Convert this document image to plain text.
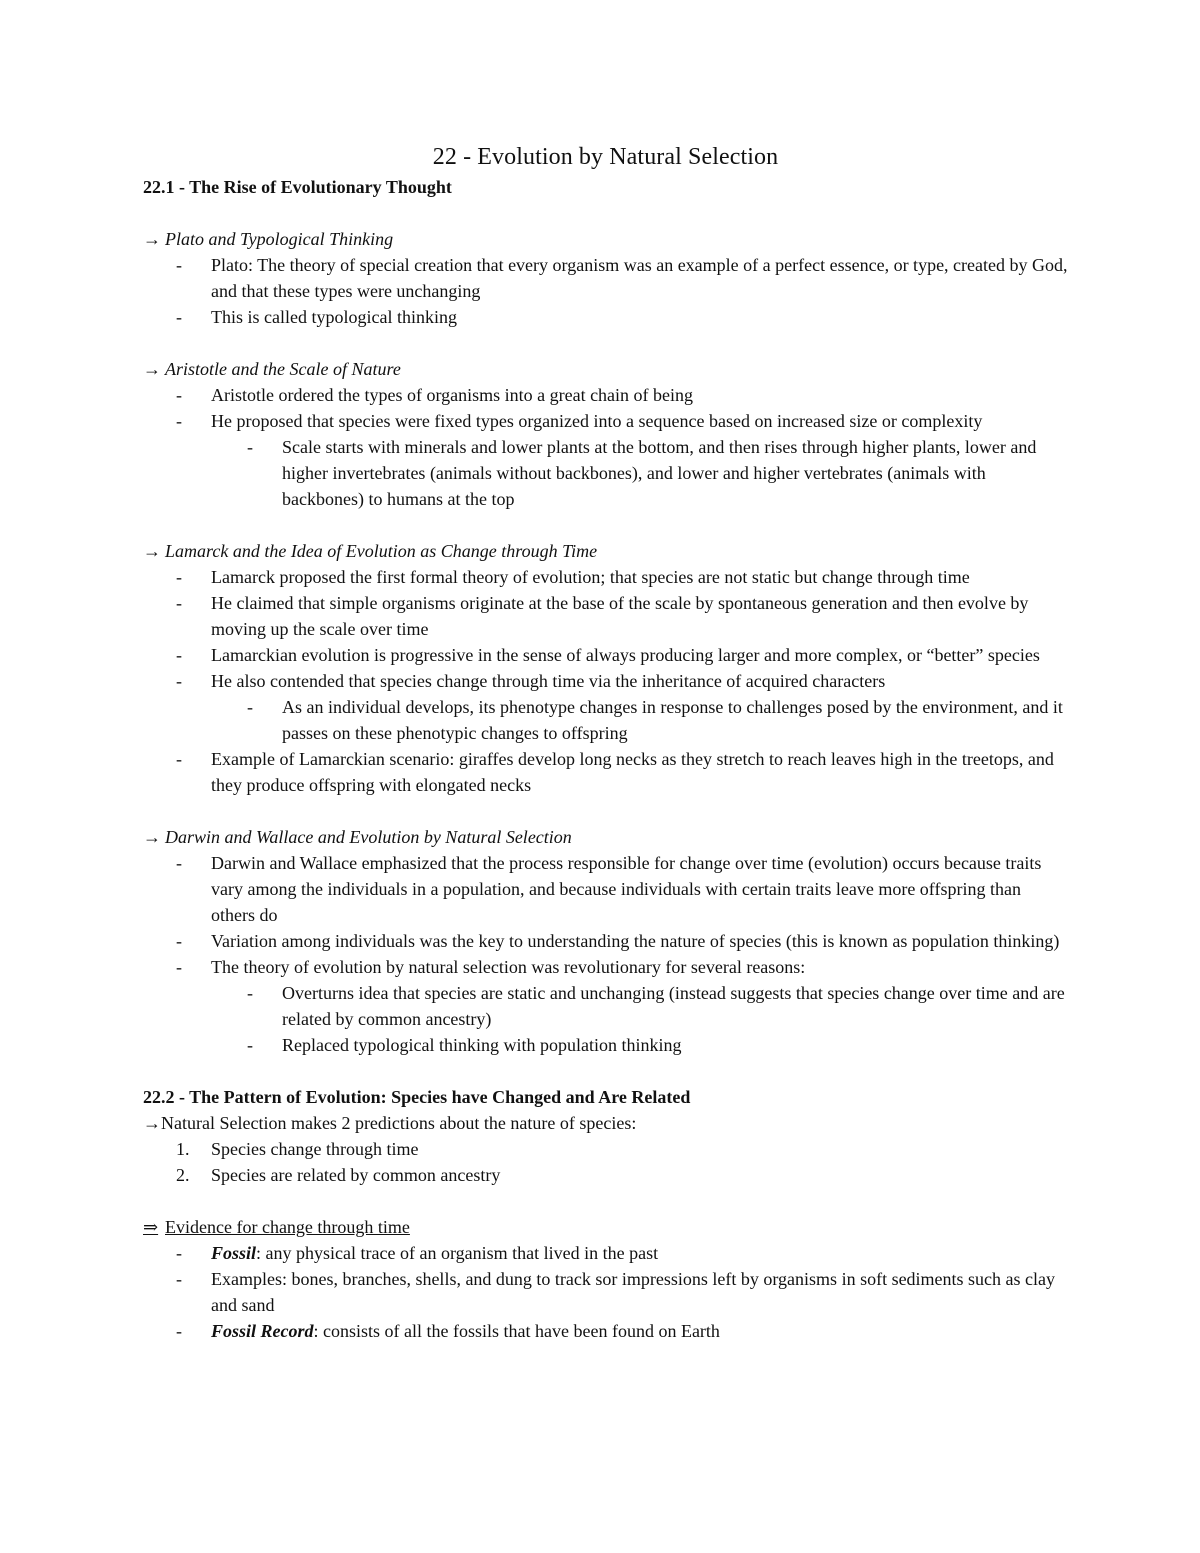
22 - Evolution by Natural Selection

22.1 - The Rise of Evolutionary Thought

→ Plato and Typological Thinking

- Plato: The theory of special creation that every organism was an example of a perfect essence, or type, created by God, and that these types were unchanging
- This is called typological thinking

→ Aristotle and the Scale of Nature

- Aristotle ordered the types of organisms into a great chain of being
- He proposed that species were fixed types organized into a sequence based on increased size or complexity
- Scale starts with minerals and lower plants at the bottom, and then rises through higher plants, lower and higher invertebrates (animals without backbones), and lower and higher vertebrates (animals with backbones) to humans at the top

→ Lamarck and the Idea of Evolution as Change through Time

- Lamarck proposed the first formal theory of evolution; that species are not static but change through time
- He claimed that simple organisms originate at the base of the scale by spontaneous generation and then evolve by moving up the scale over time
- Lamarckian evolution is progressive in the sense of always producing larger and more complex, or “better” species
- He also contended that species change through time via the inheritance of acquired characters
- As an individual develops, its phenotype changes in response to challenges posed by the environment, and it passes on these phenotypic changes to offspring
- Example of Lamarckian scenario: giraffes develop long necks as they stretch to reach leaves high in the treetops, and they produce offspring with elongated necks

→ Darwin and Wallace and Evolution by Natural Selection

- Darwin and Wallace emphasized that the process responsible for change over time (evolution) occurs because traits vary among the individuals in a population, and because individuals with certain traits leave more offspring than others do
- Variation among individuals was the key to understanding the nature of species (this is known as population thinking)
- The theory of evolution by natural selection was revolutionary for several reasons:
- Overturns idea that species are static and unchanging (instead suggests that species change over time and are related by common ancestry)
- Replaced typological thinking with population thinking

22.2 - The Pattern of Evolution: Species have Changed and Are Related

→Natural Selection makes 2 predictions about the nature of species:

1. Species change through time
2. Species are related by common ancestry

⇒ Evidence for change through time

- Fossil: any physical trace of an organism that lived in the past
- Examples: bones, branches, shells, and dung to track sor impressions left by organisms in soft sediments such as clay and sand
- Fossil Record: consists of all the fossils that have been found on Earth
